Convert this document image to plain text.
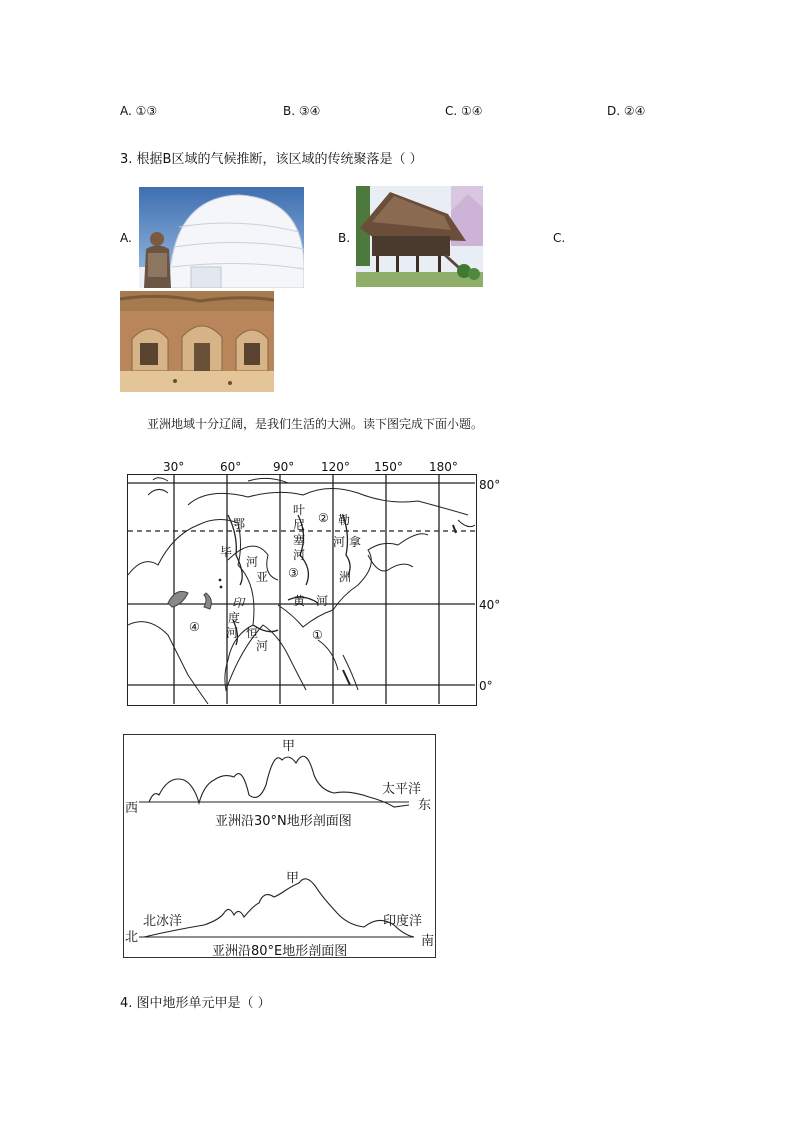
A. ①③	B. ③④	C. ①④	D. ②④
3. 根据B区域的气候推断，该区域的传统聚落是（ ）
A.	B.	C.
亚洲地域十分辽阔，是我们生活的大洲。读下图完成下面小题。
30°	60°	90° 120° 150° 180°
80°
40°
0°
鄂
毕
河
亚
叶
尼
塞
河
② 勒
河 拿
洲
③
黄 河
印
度
河 恒
河
④
①
甲
太平洋
西	东
亚洲沿30°N地形剖面图
甲
北冰洋	印度洋
北	南
亚洲沿80°E地形剖面图
4. 图中地形单元甲是（ ）
